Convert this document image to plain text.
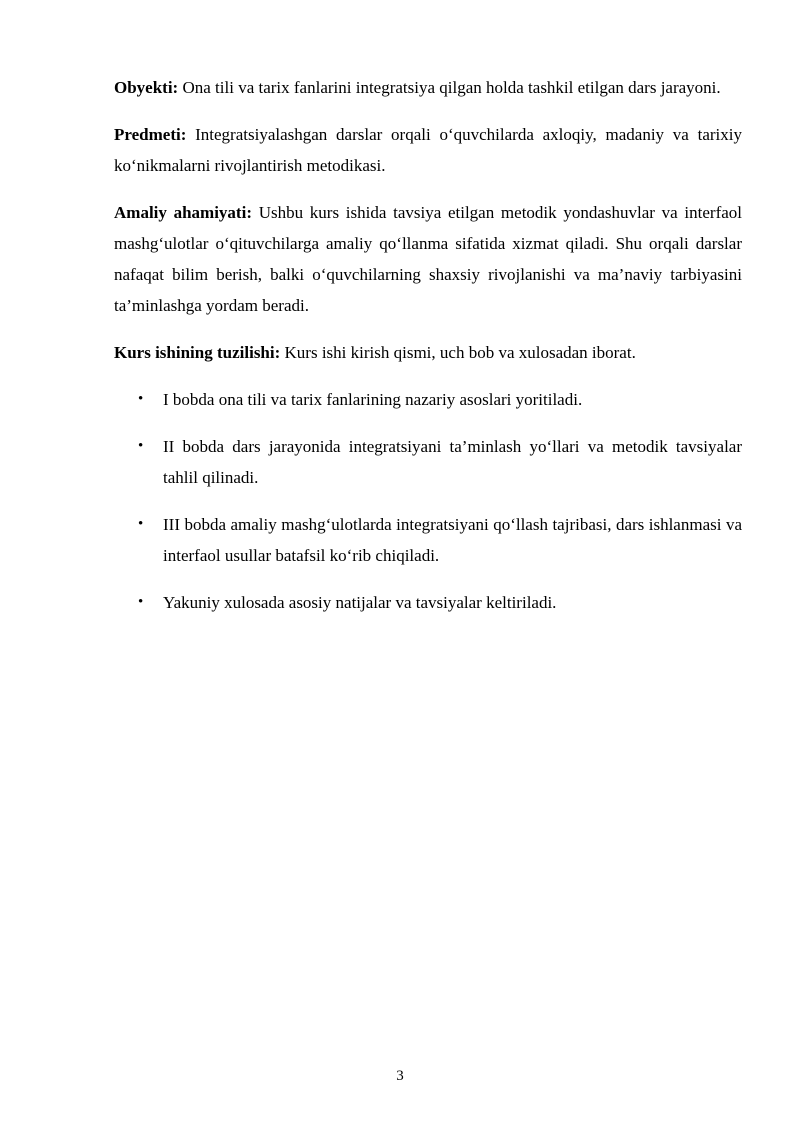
Obyekti: Ona tili va tarix fanlarini integratsiya qilgan holda tashkil etilgan dars jarayoni.

Predmeti: Integratsiyalashgan darslar orqali o‘quvchilarda axloqiy, madaniy va tarixiy ko‘nikmalarni rivojlantirish metodikasi.

Amaliy ahamiyati: Ushbu kurs ishida tavsiya etilgan metodik yondashuvlar va interfaol mashg‘ulotlar o‘qituvchilarga amaliy qo‘llanma sifatida xizmat qiladi. Shu orqali darslar nafaqat bilim berish, balki o‘quvchilarning shaxsiy rivojlanishi va ma’naviy tarbiyasini ta’minlashga yordam beradi.

Kurs ishining tuzilishi: Kurs ishi kirish qismi, uch bob va xulosadan iborat.

• I bobda ona tili va tarix fanlarining nazariy asoslari yoritiladi.
• II bobda dars jarayonida integratsiyani ta’minlash yo‘llari va metodik tavsiyalar tahlil qilinadi.
• III bobda amaliy mashg‘ulotlarda integratsiyani qo‘llash tajribasi, dars ishlanmasi va interfaol usullar batafsil ko‘rib chiqiladi.
• Yakuniy xulosada asosiy natijalar va tavsiyalar keltiriladi.
3
